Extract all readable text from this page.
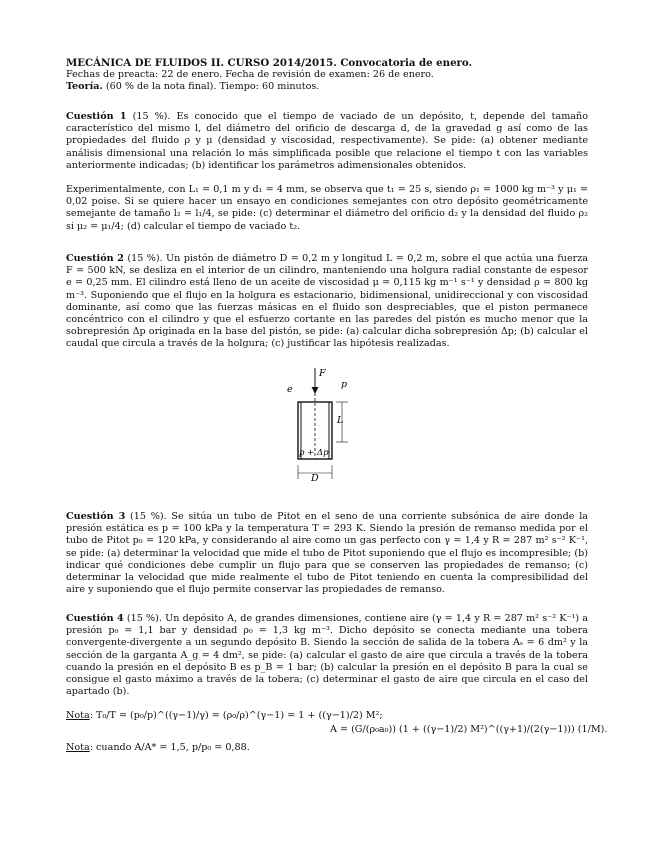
MECÁNICA DE FLUIDOS II. CURSO 2014/2015. Convocatoria de enero.
Fechas de preacta: 22 de enero. Fecha de revisión de examen: 26 de enero.
Teoría. (60 % de la nota final). Tiempo: 60 minutos.
Cuestión 1 (15 %). Es conocido que el tiempo de vaciado de un depósito, t, depende del tamaño característico del mismo l, del diámetro del orificio de descarga d, de la gravedad g así como de las propiedades del fluido ρ y μ (densidad y viscosidad, respectivamente). Se pide: (a) obtener mediante análisis dimensional una relación lo más simplificada posible que relacione el tiempo t con las variables anteriormente indicadas; (b) identificar los parámetros adimensionales obtenidos.
Experimentalmente, con L₁ = 0,1 m y d₁ = 4 mm, se observa que t₁ = 25 s, siendo ρ₁ = 1000 kg m⁻³ y μ₁ = 0,02 poise. Si se quiere hacer un ensayo en condiciones semejantes con otro depósito geométricamente semejante de tamaño l₂ = l₁/4, se pide: (c) determinar el diámetro del orificio d₂ y la densidad del fluido ρ₂ si μ₂ = μ₁/4; (d) calcular el tiempo de vaciado t₂.
Cuestión 2 (15 %). Un pistón de diámetro D = 0,2 m y longitud L = 0,2 m, sobre el que actúa una fuerza F = 500 kN, se desliza en el interior de un cilindro, manteniendo una holgura radial constante de espesor e = 0,25 mm. El cilindro está lleno de un aceite de viscosidad μ = 0,115 kg m⁻¹ s⁻¹ y densidad ρ = 800 kg m⁻³. Suponiendo que el flujo en la holgura es estacionario, bidimensional, unidireccional y con viscosidad dominante, así como que las fuerzas másicas en el fluido son despreciables, que el piston permanece concéntrico con el cilindro y que el esfuerzo cortante en las paredes del pistón es mucho menor que la sobrepresión Δp originada en la base del pistón, se pide: (a) calcular dicha sobrepresión Δp; (b) calcular el caudal que circula a través de la holgura; (c) justificar las hipótesis realizadas.
e
F
p
L
p + Δp
D
Cuestión 3 (15 %). Se sitúa un tubo de Pitot en el seno de una corriente subsónica de aire donde la presión estática es p = 100 kPa y la temperatura T = 293 K. Siendo la presión de remanso medida por el tubo de Pitot p₀ = 120 kPa, y considerando al aire como un gas perfecto con γ = 1,4 y R = 287 m² s⁻² K⁻¹, se pide: (a) determinar la velocidad que mide el tubo de Pitot suponiendo que el flujo es incompresible; (b) indicar qué condiciones debe cumplir un flujo para que se conserven las propiedades de remanso; (c) determinar la velocidad que mide realmente el tubo de Pitot teniendo en cuenta la compresibilidad del aire y suponiendo que el flujo permite conservar las propiedades de remanso.
Cuestión 4 (15 %). Un depósito A, de grandes dimensiones, contiene aire (γ = 1,4 y R = 287 m² s⁻² K⁻¹) a presión p₀ = 1,1 bar y densidad ρ₀ = 1,3 kg m⁻³. Dicho depósito se conecta mediante una tobera convergente-divergente a un segundo depósito B. Siendo la sección de salida de la tobera Aₛ = 6 dm² y la sección de la garganta A_g = 4 dm², se pide: (a) calcular el gasto de aire que circula a través de la tobera cuando la presión en el depósito B es p_B = 1 bar; (b) calcular la presión en el depósito B para la cual se consigue el gasto máximo a través de la tobera; (c) determinar el gasto de aire que circula en el caso del apartado (b).
Nota: T₀/T = (p₀/p)^((γ−1)/γ) = (ρ₀/ρ)^(γ−1) = 1 + ((γ−1)/2) M²;
A = (G/(ρ₀a₀)) (1 + ((γ−1)/2) M²)^((γ+1)/(2(γ−1))) (1/M).
Nota: cuando A/A* = 1,5, p/p₀ = 0,88.
